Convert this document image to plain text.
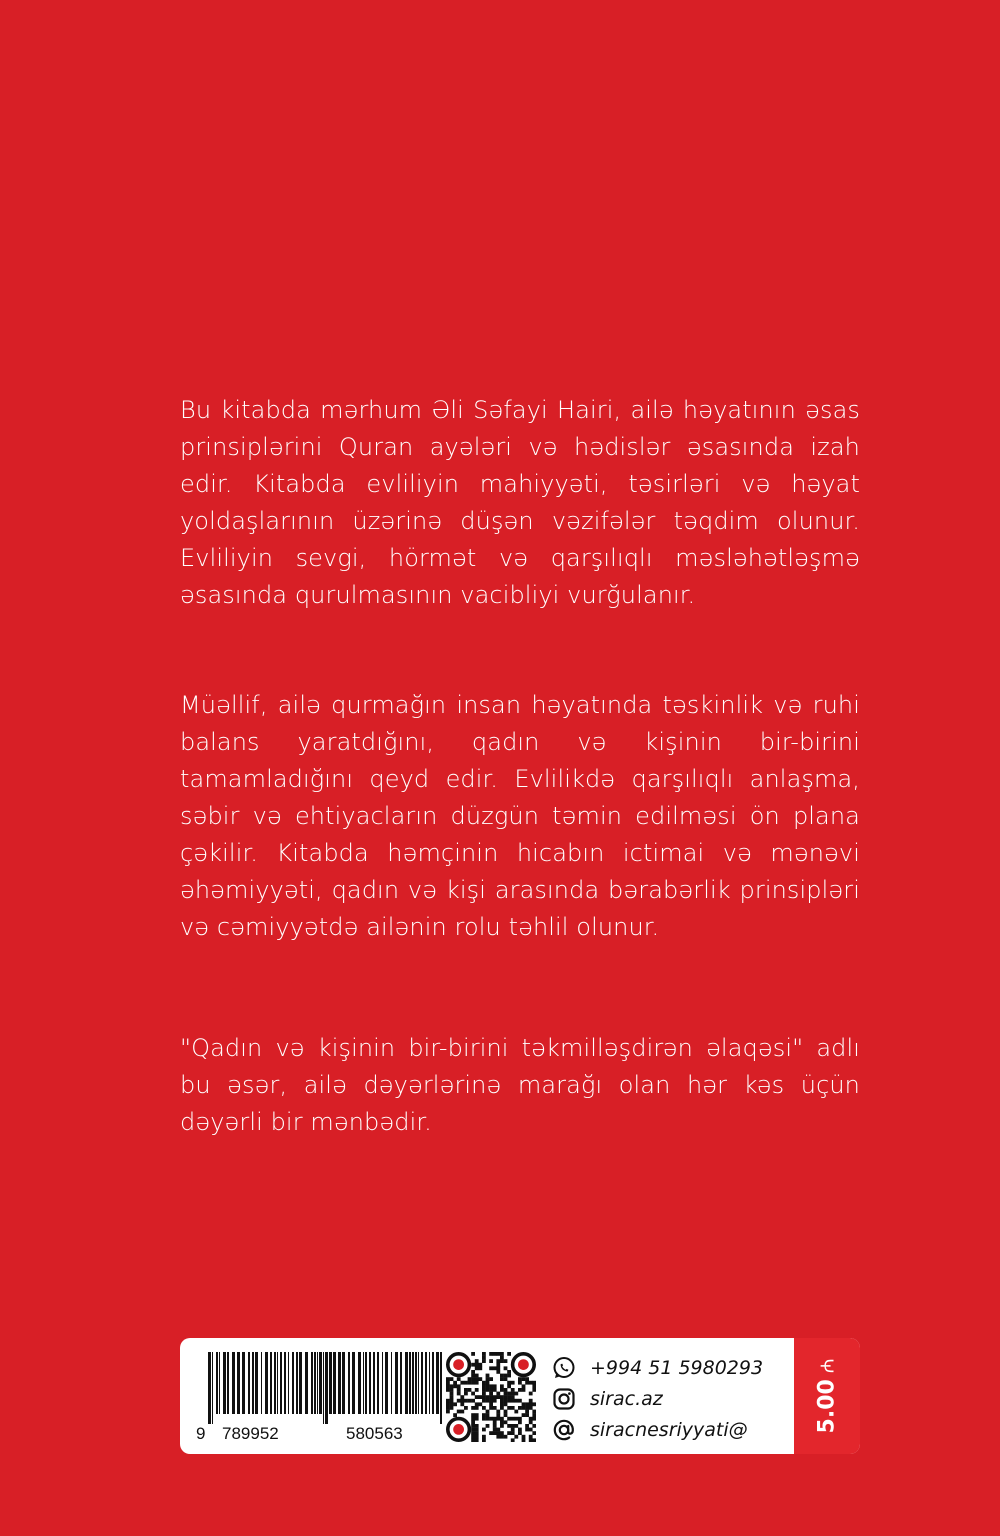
Bu kitabda mərhum Əli Səfayi Hairi, ailə həyatının əsas prinsiplərini Quran ayələri və hədislər əsasında izah edir. Kitabda evliliyin mahiyyəti, təsirləri və həyat yoldaşlarının üzərinə düşən vəzifələr təqdim olunur. Evliliyin sevgi, hörmət və qarşılıqlı məsləhətləşmə əsasında qurulmasının vacibliyi vurğulanır.
Müəllif, ailə qurmağın insan həyatında təskinlik və ruhi balans yaratdığını, qadın və kişinin bir-birini tamamladığını qeyd edir. Evlilikdə qarşılıqlı anlaşma, səbir və ehtiyacların düzgün təmin edilməsi ön plana çəkilir. Kitabda həmçinin hicabın ictimai və mənəvi əhəmiyyəti, qadın və kişi arasında bərabərlik prinsipləri və cəmiyyətdə ailənin rolu təhlil olunur.
"Qadın və kişinin bir-birini təkmilləşdirən əlaqəsi" adlı bu əsər, ailə dəyərlərinə marağı olan hər kəs üçün dəyərli bir mənbədir.
9 789952	580563
+994 51 5980293
sirac.az
siracnesriyyati@	5.00₼
